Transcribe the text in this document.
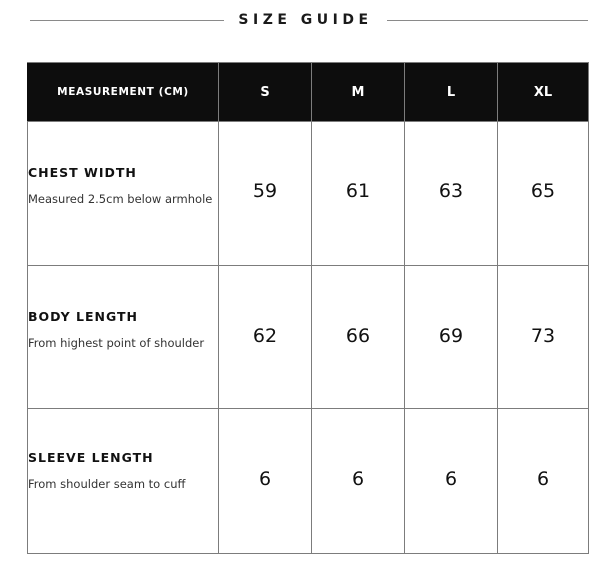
SIZE GUIDE
MEASUREMENT (CM)	S	M	L	XL

CHEST WIDTH
Measured 2.5cm below armhole	59	61	63	65

BODY LENGTH
From highest point of shoulder	62	66	69	73

SLEEVE LENGTH
From shoulder seam to cuff	6	6	6	6
